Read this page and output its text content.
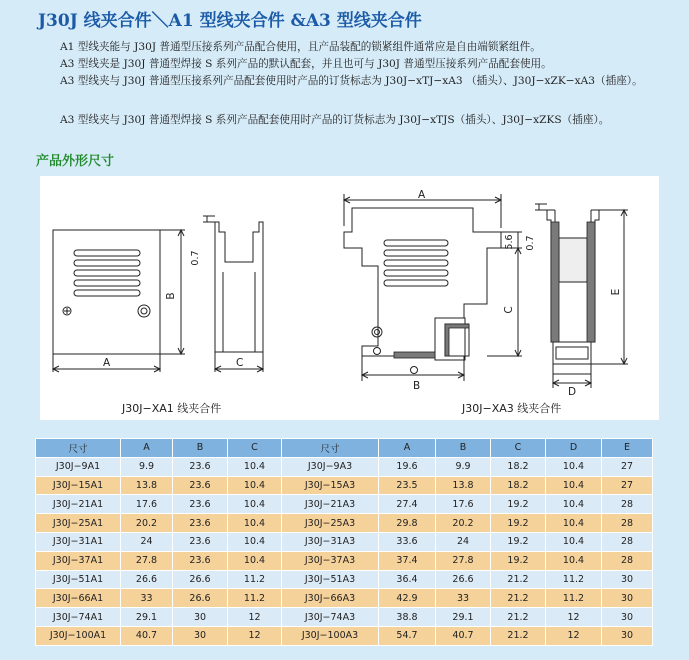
J30J 线夹合件＼A1 型线夹合件 &A3 型线夹合件

A1 型线夹能与 J30J 普通型压接系列产品配合使用，且产品装配的锁紧组件通常应是自由端锁紧组件。

A3 型线夹是 J30J 普通型焊接 S 系列产品的默认配套，并且也可与 J30J 普通型压接系列产品配套使用。

A3 型线夹与 J30J 普通型压接系列产品配套使用时产品的订货标志为 J30J−xTJ−xA3 （插头）、J30J−xZK−xA3（插座）。

A3 型线夹与 J30J 普通型焊接 S 系列产品配套使用时产品的订货标志为 J30J−xTJS（插头）、J30J−xZKS（插座）。

产品外形尺寸
A
B
C
0.7
A
B
C
5.6 0.7
E
D
J30J−XA1 线夹合件	J30J−XA3 线夹合件
尺寸	A	B	C	尺寸	A	B	C	D	E
J30J−9A1	9.9	23.6	10.4	J30J−9A3	19.6	9.9	18.2	10.4	27
J30J−15A1	13.8	23.6	10.4	J30J−15A3	23.5	13.8	18.2	10.4	27
J30J−21A1	17.6	23.6	10.4	J30J−21A3	27.4	17.6	19.2	10.4	28
J30J−25A1	20.2	23.6	10.4	J30J−25A3	29.8	20.2	19.2	10.4	28
J30J−31A1	24	23.6	10.4	J30J−31A3	33.6	24	19.2	10.4	28
J30J−37A1	27.8	23.6	10.4	J30J−37A3	37.4	27.8	19.2	10.4	28
J30J−51A1	26.6	26.6	11.2	J30J−51A3	36.4	26.6	21.2	11.2	30
J30J−66A1	33	26.6	11.2	J30J−66A3	42.9	33	21.2	11.2	30
J30J−74A1	29.1	30	12	J30J−74A3	38.8	29.1	21.2	12	30
J30J−100A1	40.7	30	12	J30J−100A3	54.7	40.7	21.2	12	30
